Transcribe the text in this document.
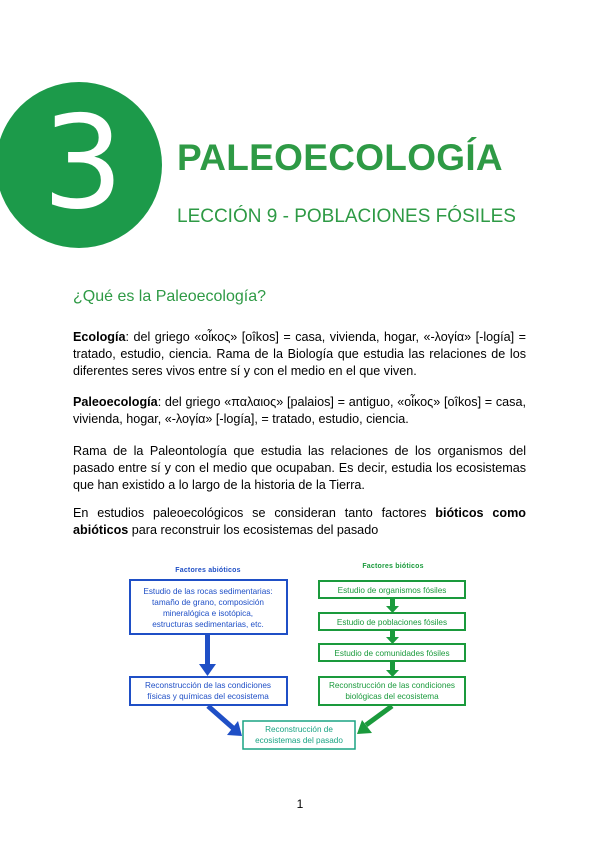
3	PALEOECOLOGÍA
LECCIÓN 9 - POBLACIONES FÓSILES
¿Qué es la Paleoecología?
Ecología: del griego «οἶκος» [oîkos] = casa, vivienda, hogar, «-λογία» [-logía] = tratado, estudio, ciencia. Rama de la Biología que estudia las relaciones de los diferentes seres vivos entre sí y con el medio en el que viven.
Paleoecología: del griego «παλαιος» [palaios] = antiguo, «οἶκος» [oîkos] = casa, vivienda, hogar, «-λογία» [-logía], = tratado, estudio, ciencia.
Rama de la Paleontología que estudia las relaciones de los organismos del pasado entre sí y con el medio que ocupaban. Es decir, estudia los ecosistemas que han existido a lo largo de la historia de la Tierra.
En estudios paleoecológicos se consideran tanto factores bióticos como abióticos para reconstruir los ecosistemas del pasado
Factores abióticos
Factores bióticos
Estudio de las rocas sedimentarias:
tamaño de grano, composición
mineralógica e isotópica,
estructuras sedimentarias, etc.
Reconstrucción de las condiciones
físicas y químicas del ecosistema
Estudio de organismos fósiles
Estudio de poblaciones fósiles
Estudio de comunidades fósiles
Reconstrucción de las condiciones
biológicas del ecosistema
Reconstrucción de
ecosistemas del pasado
1
